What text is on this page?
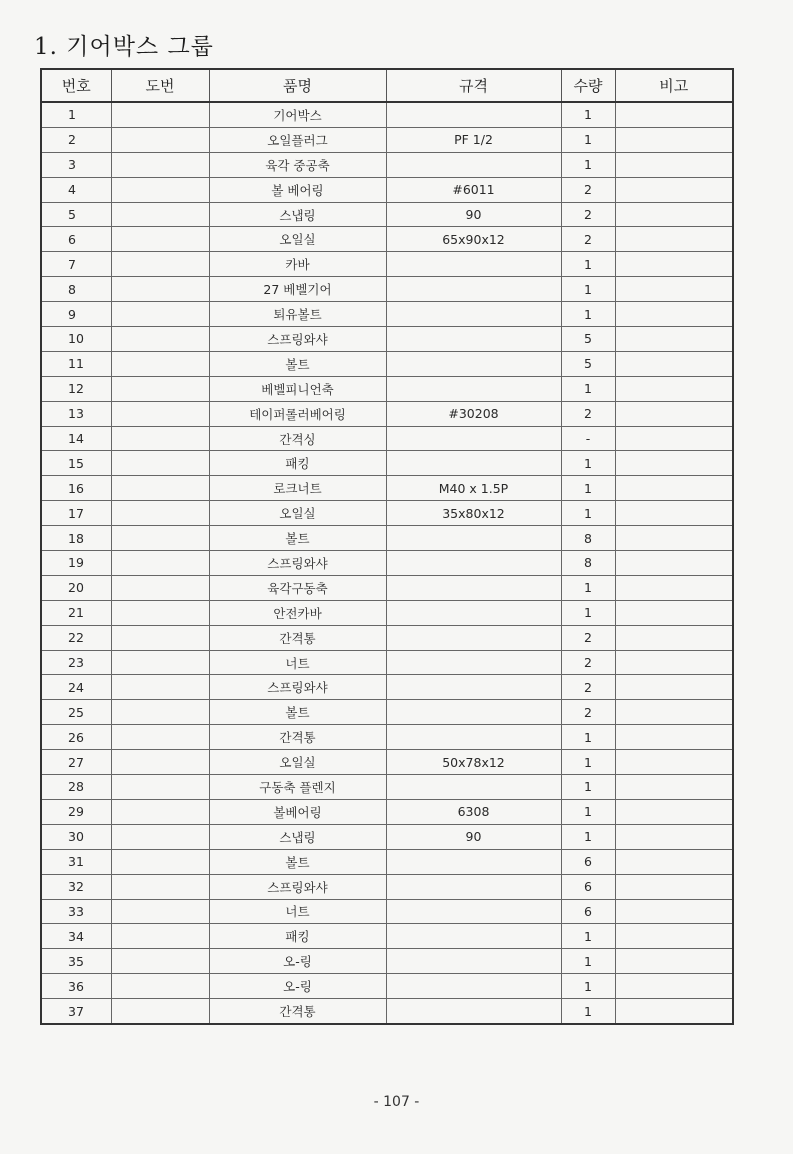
1. 기어박스 그룹
번호	도번	품명	규격	수량	비고
1		기어박스		1	
2		오일플러그	PF 1/2	1	
3		육각 중공축		1	
4		볼 베어링	#6011	2	
5		스냅링	90	2	
6		오일실	65x90x12	2	
7		카바		1	
8		27 베벨기어		1	
9		퇴유볼트		1	
10		스프링와샤		5	
11		볼트		5	
12		베벨피니언축		1	
13		테이퍼롤러베어링	#30208	2	
14		간격싱		-	
15		패킹		1	
16		로크너트	M40 x 1.5P	1	
17		오일실	35x80x12	1	
18		볼트		8	
19		스프링와샤		8	
20		육각구동축		1	
21		안전카바		1	
22		간격통		2	
23		너트		2	
24		스프링와샤		2	
25		볼트		2	
26		간격통		1	
27		오일실	50x78x12	1	
28		구동축 플렌지		1	
29		볼베어링	6308	1	
30		스냅링	90	1	
31		볼트		6	
32		스프링와샤		6	
33		너트		6	
34		패킹		1	
35		오-링		1	
36		오-링		1	
37		간격통		1	
- 107 -
